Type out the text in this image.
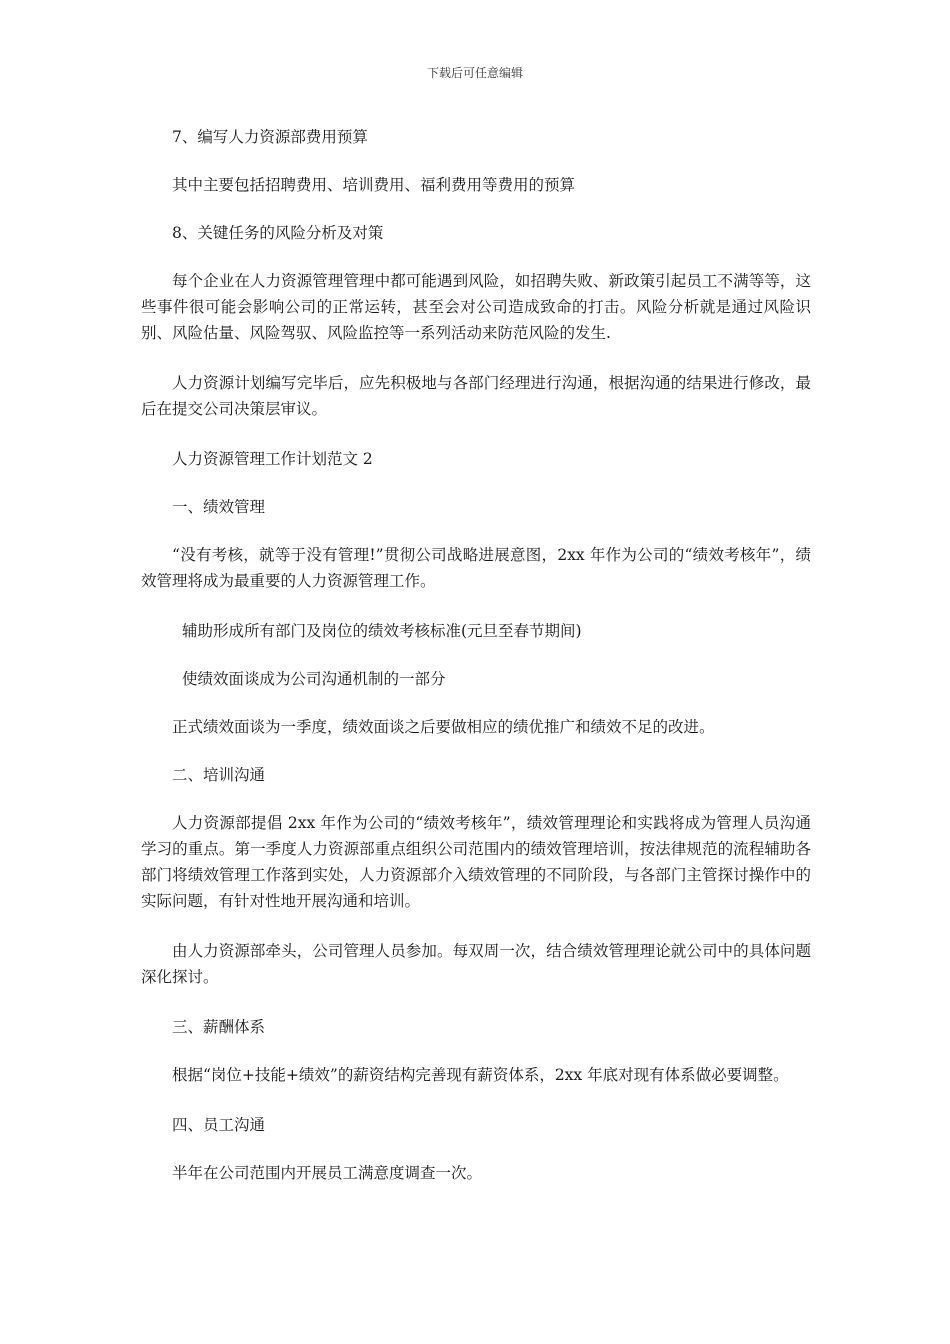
下载后可任意编辑

7、编写人力资源部费用预算

其中主要包括招聘费用、培训费用、福利费用等费用的预算

8、关键任务的风险分析及对策

每个企业在人力资源管理管理中都可能遇到风险，如招聘失败、新政策引起员工不满等等，这些事件很可能会影响公司的正常运转，甚至会对公司造成致命的打击。风险分析就是通过风险识别、风险估量、风险驾驭、风险监控等一系列活动来防范风险的发生.

人力资源计划编写完毕后，应先积极地与各部门经理进行沟通，根据沟通的结果进行修改，最后在提交公司决策层审议。

人力资源管理工作计划范文 2

一、绩效管理

“没有考核，就等于没有管理!”贯彻公司战略进展意图，2xx 年作为公司的“绩效考核年”，绩效管理将成为最重要的人力资源管理工作。

辅助形成所有部门及岗位的绩效考核标准(元旦至春节期间)

使绩效面谈成为公司沟通机制的一部分

正式绩效面谈为一季度，绩效面谈之后要做相应的绩优推广和绩效不足的改进。

二、培训沟通

人力资源部提倡 2xx 年作为公司的“绩效考核年”，绩效管理理论和实践将成为管理人员沟通学习的重点。第一季度人力资源部重点组织公司范围内的绩效管理培训，按法律规范的流程辅助各部门将绩效管理工作落到实处，人力资源部介入绩效管理的不同阶段，与各部门主管探讨操作中的实际问题，有针对性地开展沟通和培训。

由人力资源部牵头，公司管理人员参加。每双周一次，结合绩效管理理论就公司中的具体问题深化探讨。

三、薪酬体系

根据“岗位+技能+绩效”的薪资结构完善现有薪资体系，2xx 年底对现有体系做必要调整。

四、员工沟通

半年在公司范围内开展员工满意度调查一次。
